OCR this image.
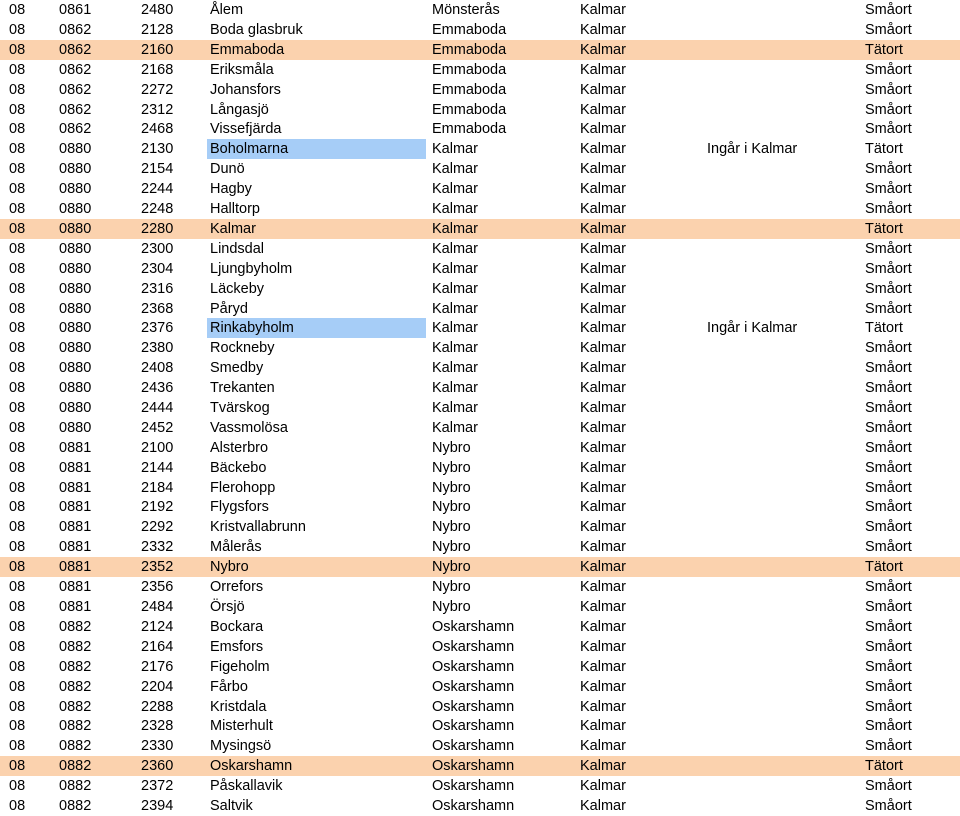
08 0861	2480	Ålem	Mönsterås	Kalmar	Småort
08 0862	2128	Boda glasbruk	Emmaboda	Kalmar	Småort
08 0862	2160	Emmaboda	Emmaboda	Kalmar	Tätort
08 0862	2168	Eriksmåla	Emmaboda	Kalmar	Småort
08 0862	2272	Johansfors	Emmaboda	Kalmar	Småort
08 0862	2312	Långasjö	Emmaboda	Kalmar	Småort
08 0862	2468	Vissefjärda	Emmaboda	Kalmar	Småort
08 0880	2130	Boholmarna	Kalmar	Kalmar	Ingår i Kalmar	Tätort
08 0880	2154	Dunö	Kalmar	Kalmar	Småort
08 0880	2244	Hagby	Kalmar	Kalmar	Småort
08 0880	2248	Halltorp	Kalmar	Kalmar	Småort
08 0880	2280	Kalmar	Kalmar	Kalmar	Tätort
08 0880	2300	Lindsdal	Kalmar	Kalmar	Småort
08 0880	2304	Ljungbyholm	Kalmar	Kalmar	Småort
08 0880	2316	Läckeby	Kalmar	Kalmar	Småort
08 0880	2368	Påryd	Kalmar	Kalmar	Småort
08 0880	2376	Rinkabyholm	Kalmar	Kalmar	Ingår i Kalmar	Tätort
08 0880	2380	Rockneby	Kalmar	Kalmar	Småort
08 0880	2408	Smedby	Kalmar	Kalmar	Småort
08 0880	2436	Trekanten	Kalmar	Kalmar	Småort
08 0880	2444	Tvärskog	Kalmar	Kalmar	Småort
08 0880	2452	Vassmolösa	Kalmar	Kalmar	Småort
08 0881	2100	Alsterbro	Nybro	Kalmar	Småort
08 0881	2144	Bäckebo	Nybro	Kalmar	Småort
08 0881	2184	Flerohopp	Nybro	Kalmar	Småort
08 0881	2192	Flygsfors	Nybro	Kalmar	Småort
08 0881	2292	Kristvallabrunn	Nybro	Kalmar	Småort
08 0881	2332	Målerås	Nybro	Kalmar	Småort
08 0881	2352	Nybro	Nybro	Kalmar	Tätort
08 0881	2356	Orrefors	Nybro	Kalmar	Småort
08 0881	2484	Örsjö	Nybro	Kalmar	Småort
08 0882	2124	Bockara	Oskarshamn	Kalmar	Småort
08 0882	2164	Emsfors	Oskarshamn	Kalmar	Småort
08 0882	2176	Figeholm	Oskarshamn	Kalmar	Småort
08 0882	2204	Fårbo	Oskarshamn	Kalmar	Småort
08 0882	2288	Kristdala	Oskarshamn	Kalmar	Småort
08 0882	2328	Misterhult	Oskarshamn	Kalmar	Småort
08 0882	2330	Mysingsö	Oskarshamn	Kalmar	Småort
08 0882	2360	Oskarshamn	Oskarshamn	Kalmar	Tätort
08 0882	2372	Påskallavik	Oskarshamn	Kalmar	Småort
08 0882	2394	Saltvik	Oskarshamn	Kalmar	Småort
